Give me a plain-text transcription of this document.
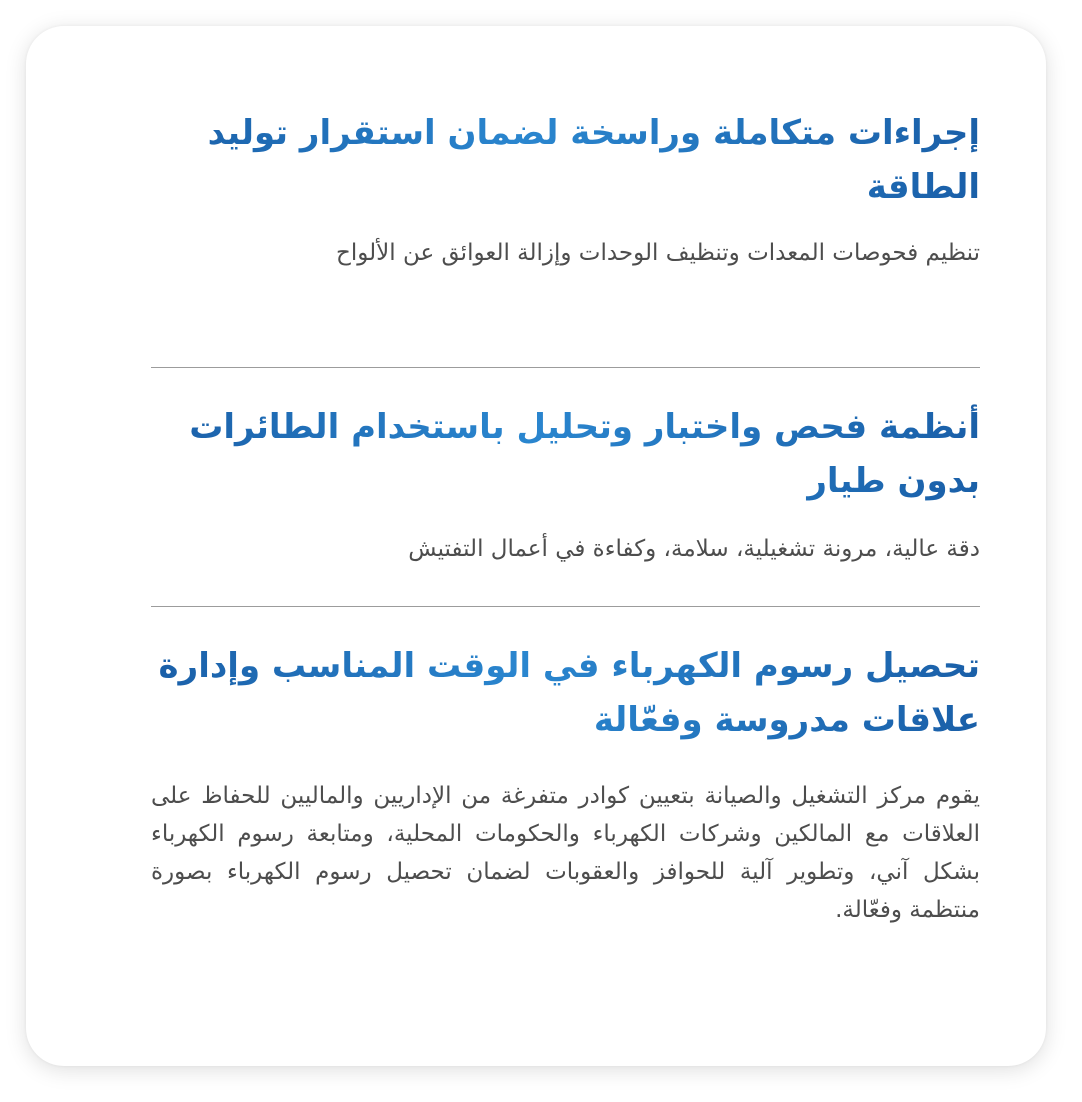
إجراءات متكاملة وراسخة لضمان استقرار توليد الطاقة

تنظيم فحوصات المعدات وتنظيف الوحدات وإزالة العوائق عن الألواح

أنظمة فحص واختبار وتحليل باستخدام الطائرات بدون طيار

دقة عالية، مرونة تشغيلية، سلامة، وكفاءة في أعمال التفتيش

تحصيل رسوم الكهرباء في الوقت المناسب وإدارة علاقات مدروسة وفعّالة

يقوم مركز التشغيل والصيانة بتعيين كوادر متفرغة من الإداريين والماليين للحفاظ على العلاقات مع المالكين وشركات الكهرباء والحكومات المحلية، ومتابعة رسوم الكهرباء بشكل آني، وتطوير آلية للحوافز والعقوبات لضمان تحصيل رسوم الكهرباء بصورة منتظمة وفعّالة.
